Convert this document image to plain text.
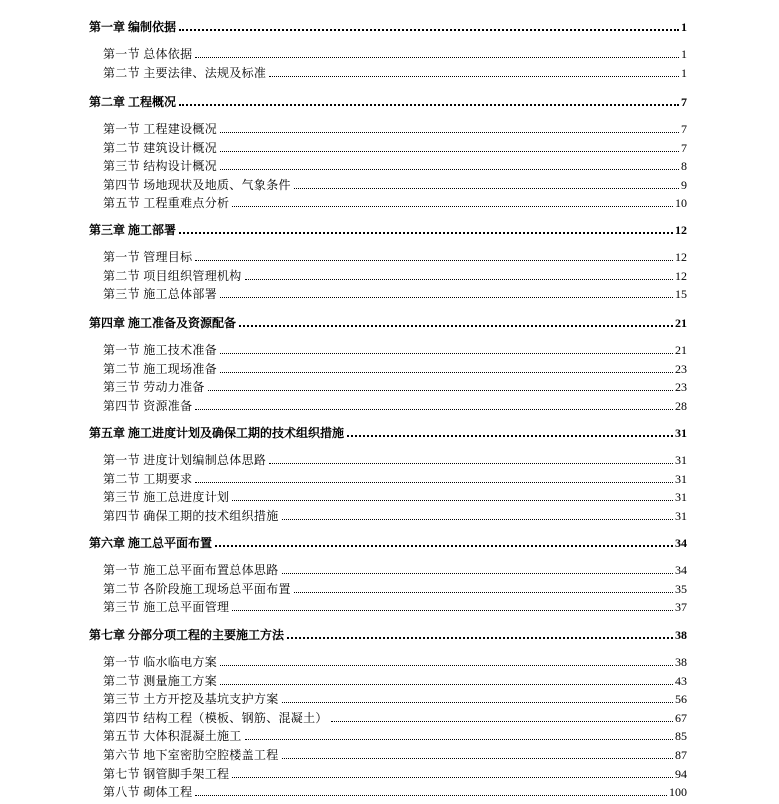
第一章 编制依据	1
第一节 总体依据	1
第二节 主要法律、法规及标准	1
第二章 工程概况	7
第一节 工程建设概况	7
第二节 建筑设计概况	7
第三节 结构设计概况	8
第四节 场地现状及地质、气象条件	9
第五节 工程重难点分析	10
第三章 施工部署	12
第一节 管理目标	12
第二节 项目组织管理机构	12
第三节 施工总体部署	15
第四章 施工准备及资源配备	21
第一节 施工技术准备	21
第二节 施工现场准备	23
第三节 劳动力准备	23
第四节 资源准备	28
第五章 施工进度计划及确保工期的技术组织措施	31
第一节 进度计划编制总体思路	31
第二节 工期要求	31
第三节 施工总进度计划	31
第四节 确保工期的技术组织措施	31
第六章 施工总平面布置	34
第一节 施工总平面布置总体思路	34
第二节 各阶段施工现场总平面布置	35
第三节 施工总平面管理	37
第七章 分部分项工程的主要施工方法	38
第一节 临水临电方案	38
第二节 测量施工方案	43
第三节 土方开挖及基坑支护方案	56
第四节 结构工程（模板、钢筋、混凝土）	67
第五节 大体积混凝土施工	85
第六节 地下室密肋空腔楼盖工程	87
第七节 钢管脚手架工程	94
第八节 砌体工程	100
